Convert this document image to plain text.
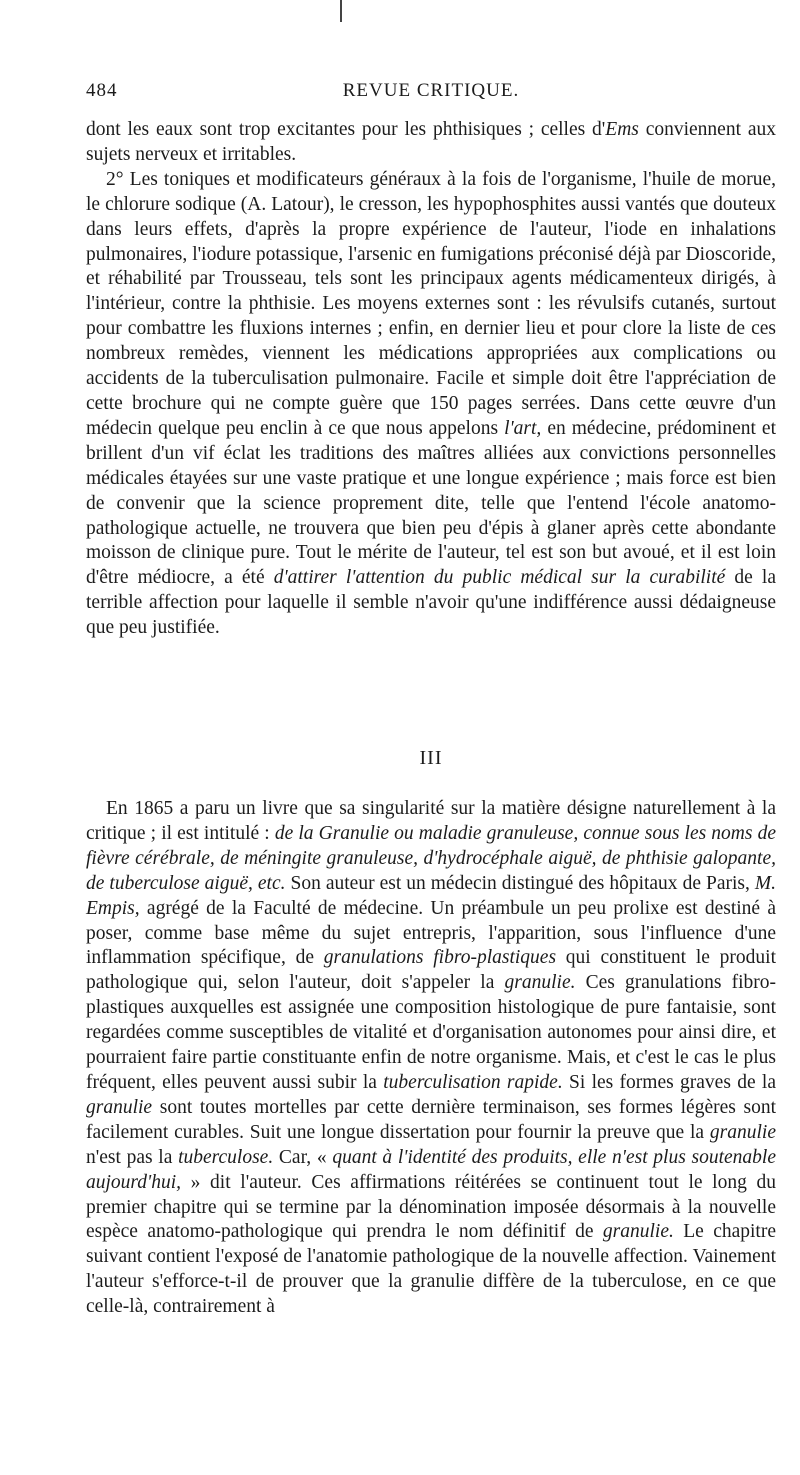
484	REVUE CRITIQUE.

dont les eaux sont trop excitantes pour les phthisiques ; celles d'Ems conviennent aux sujets nerveux et irritables.

2° Les toniques et modificateurs généraux à la fois de l'organisme, l'huile de morue, le chlorure sodique (A. Latour), le cresson, les hypophosphites aussi vantés que douteux dans leurs effets, d'après la propre expérience de l'auteur, l'iode en inhalations pulmonaires, l'iodure potassique, l'arsenic en fumigations préconisé déjà par Dioscoride, et réhabilité par Trousseau, tels sont les principaux agents médicamenteux dirigés, à l'intérieur, contre la phthisie. Les moyens externes sont : les révulsifs cutanés, surtout pour combattre les fluxions internes ; enfin, en dernier lieu et pour clore la liste de ces nombreux remèdes, viennent les médications appropriées aux complications ou accidents de la tuberculisation pulmonaire. Facile et simple doit être l'appréciation de cette brochure qui ne compte guère que 150 pages serrées. Dans cette œuvre d'un médecin quelque peu enclin à ce que nous appelons l'art, en médecine, prédominent et brillent d'un vif éclat les traditions des maîtres alliées aux convictions personnelles médicales étayées sur une vaste pratique et une longue expérience ; mais force est bien de convenir que la science proprement dite, telle que l'entend l'école anatomo-pathologique actuelle, ne trouvera que bien peu d'épis à glaner après cette abondante moisson de clinique pure. Tout le mérite de l'auteur, tel est son but avoué, et il est loin d'être médiocre, a été d'attirer l'attention du public médical sur la curabilité de la terrible affection pour laquelle il semble n'avoir qu'une indifférence aussi dédaigneuse que peu justifiée.

III

En 1865 a paru un livre que sa singularité sur la matière désigne naturellement à la critique ; il est intitulé : de la Granulie ou maladie granuleuse, connue sous les noms de fièvre cérébrale, de méningite granuleuse, d'hydrocéphale aiguë, de phthisie galopante, de tuberculose aiguë, etc. Son auteur est un médecin distingué des hôpitaux de Paris, M. Empis, agrégé de la Faculté de médecine. Un préambule un peu prolixe est destiné à poser, comme base même du sujet entrepris, l'apparition, sous l'influence d'une inflammation spécifique, de granulations fibro-plastiques qui constituent le produit pathologique qui, selon l'auteur, doit s'appeler la granulie. Ces granulations fibro-plastiques auxquelles est assignée une composition histologique de pure fantaisie, sont regardées comme susceptibles de vitalité et d'organisation autonomes pour ainsi dire, et pourraient faire partie constituante enfin de notre organisme. Mais, et c'est le cas le plus fréquent, elles peuvent aussi subir la tuberculisation rapide. Si les formes graves de la granulie sont toutes mortelles par cette dernière terminaison, ses formes légères sont facilement curables. Suit une longue dissertation pour fournir la preuve que la granulie n'est pas la tuberculose. Car, « quant à l'identité des produits, elle n'est plus soutenable aujourd'hui, » dit l'auteur. Ces affirmations réitérées se continuent tout le long du premier chapitre qui se termine par la dénomination imposée désormais à la nouvelle espèce anatomo-pathologique qui prendra le nom définitif de granulie. Le chapitre suivant contient l'exposé de l'anatomie pathologique de la nouvelle affection. Vainement l'auteur s'efforce-t-il de prouver que la granulie diffère de la tuberculose, en ce que celle-là, contrairement à
